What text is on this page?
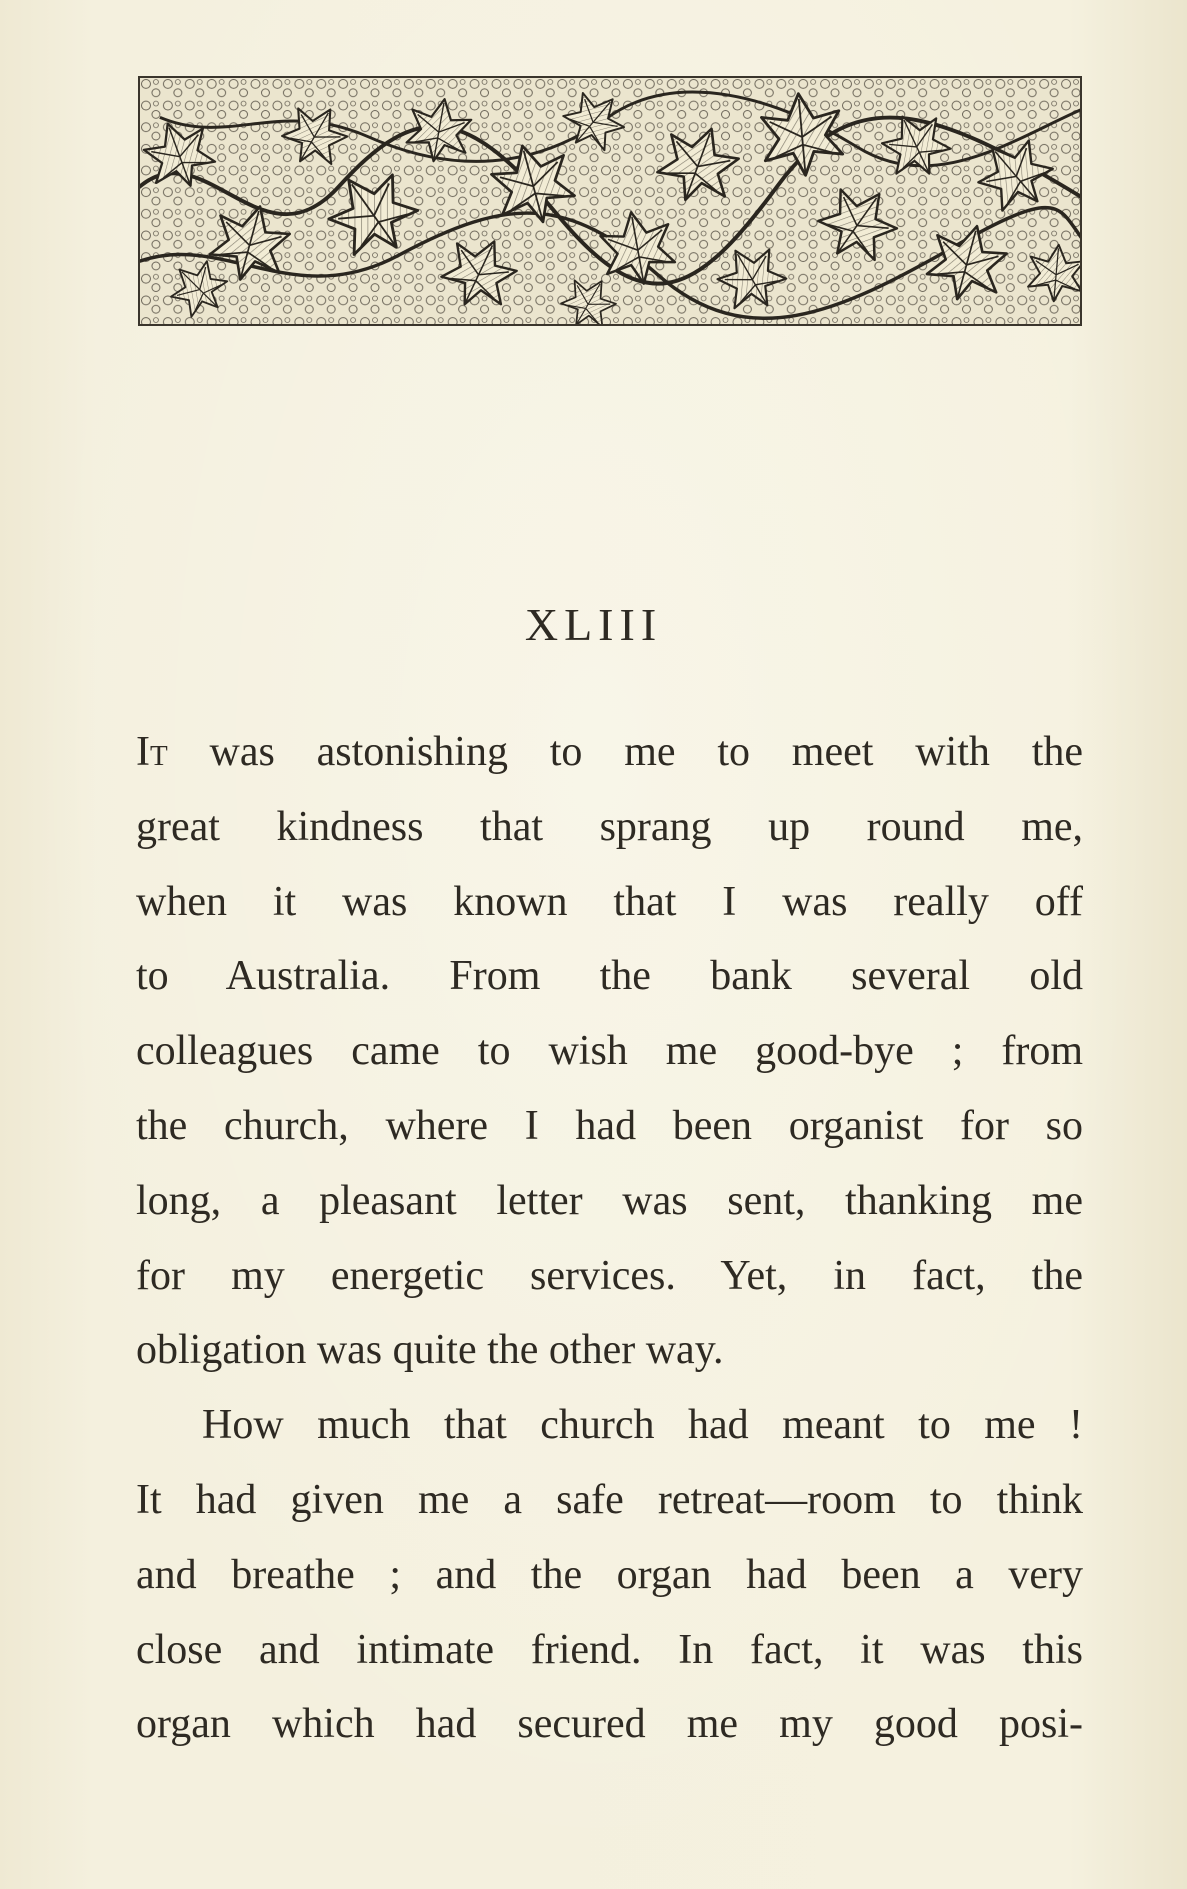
XLIII
It was astonishing to me to meet with the
great kindness that sprang up round me,
when it was known that I was really off
to Australia. From the bank several old
colleagues came to wish me good-bye ; from
the church, where I had been organist for so
long, a pleasant letter was sent, thanking me
for my energetic services. Yet, in fact, the
obligation was quite the other way.
How much that church had meant to me !
It had given me a safe retreat—room to think
and breathe ; and the organ had been a very
close and intimate friend. In fact, it was this
organ which had secured me my good posi-
